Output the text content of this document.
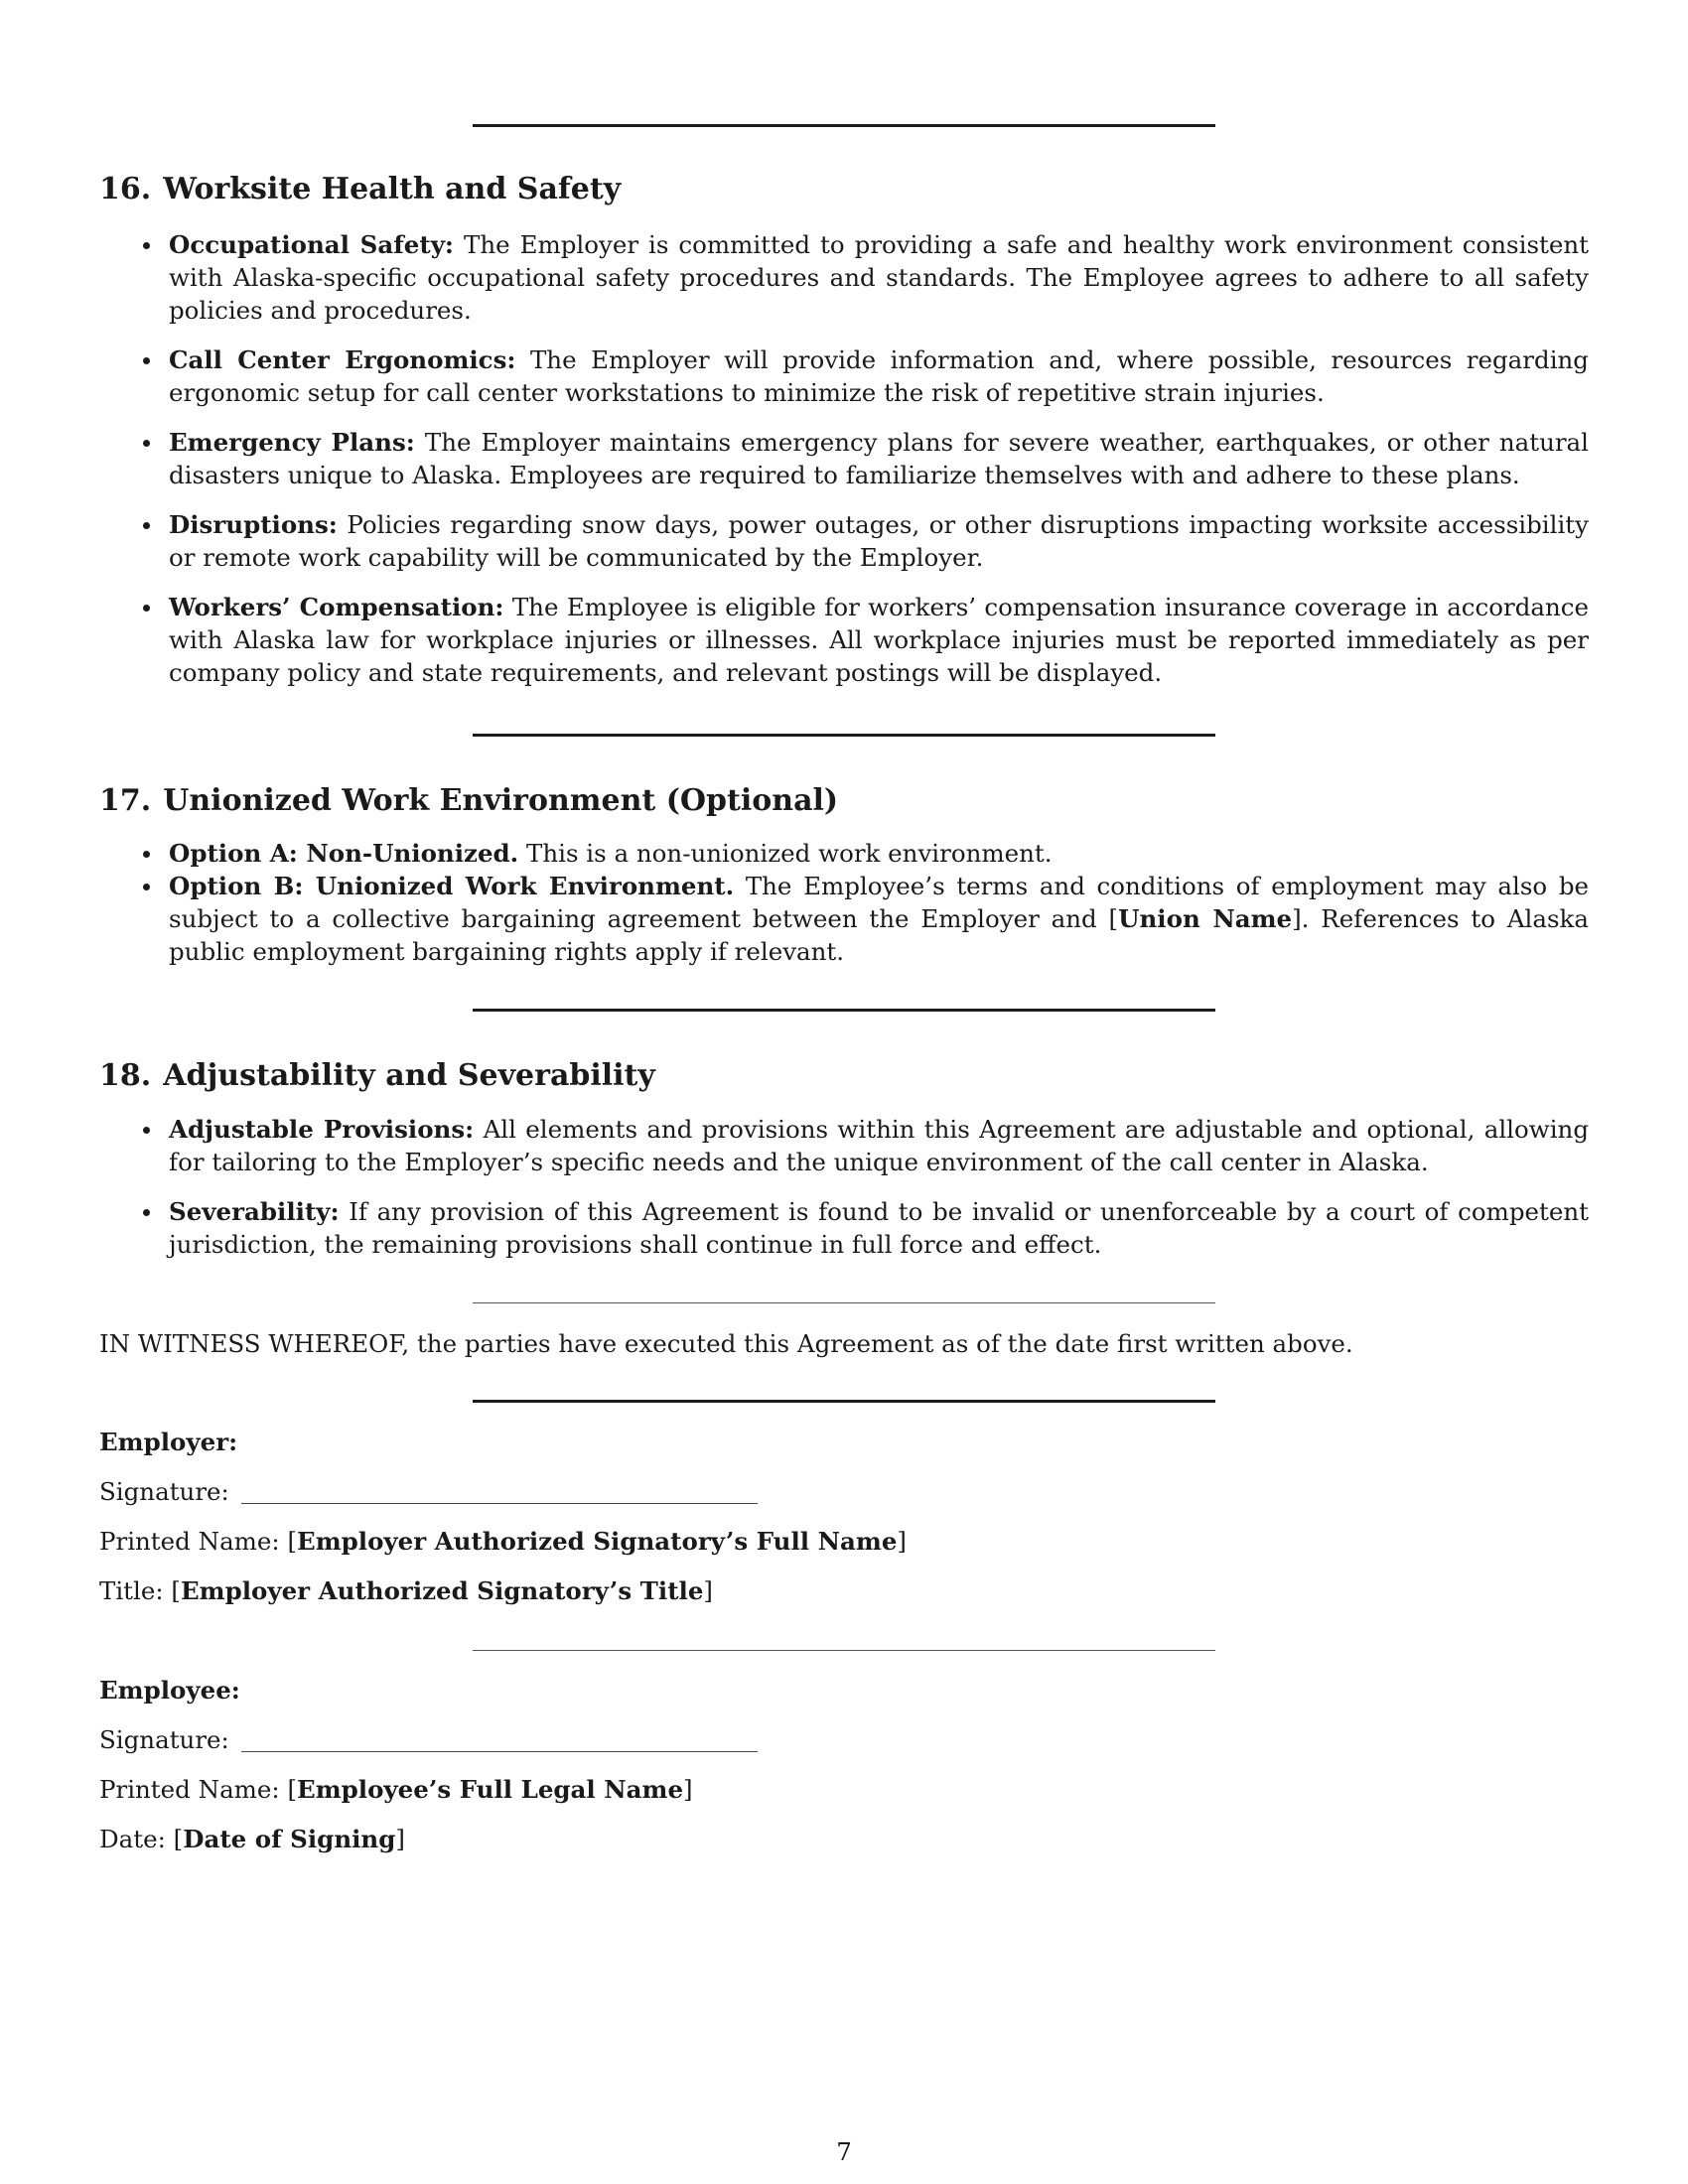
16. Worksite Health and Safety
Occupational Safety: The Employer is committed to providing a safe and healthy work environment consistent with Alaska-specific occupational safety procedures and standards. The Employee agrees to adhere to all safety policies and procedures.
Call Center Ergonomics: The Employer will provide information and, where possible, resources regarding ergonomic setup for call center workstations to minimize the risk of repetitive strain injuries.
Emergency Plans: The Employer maintains emergency plans for severe weather, earthquakes, or other natural disasters unique to Alaska. Employees are required to familiarize themselves with and adhere to these plans.
Disruptions: Policies regarding snow days, power outages, or other disruptions impacting worksite accessibility or remote work capability will be communicated by the Employer.
Workers’ Compensation: The Employee is eligible for workers’ compensation insurance coverage in accordance with Alaska law for workplace injuries or illnesses. All workplace injuries must be reported immediately as per company policy and state requirements, and relevant postings will be displayed.
17. Unionized Work Environment (Optional)
Option A: Non-Unionized. This is a non-unionized work environment.
Option B: Unionized Work Environment. The Employee’s terms and conditions of employment may also be subject to a collective bargaining agreement between the Employer and [Union Name]. References to Alaska public employment bargaining rights apply if relevant.
18. Adjustability and Severability
Adjustable Provisions: All elements and provisions within this Agreement are adjustable and optional, allowing for tailoring to the Employer’s specific needs and the unique environment of the call center in Alaska.
Severability: If any provision of this Agreement is found to be invalid or unenforceable by a court of competent jurisdiction, the remaining provisions shall continue in full force and effect.
IN WITNESS WHEREOF, the parties have executed this Agreement as of the date first written above.
Employer:
Signature:
Printed Name: [Employer Authorized Signatory’s Full Name]
Title: [Employer Authorized Signatory’s Title]
Employee:
Signature:
Printed Name: [Employee’s Full Legal Name]
Date: [Date of Signing]
7
